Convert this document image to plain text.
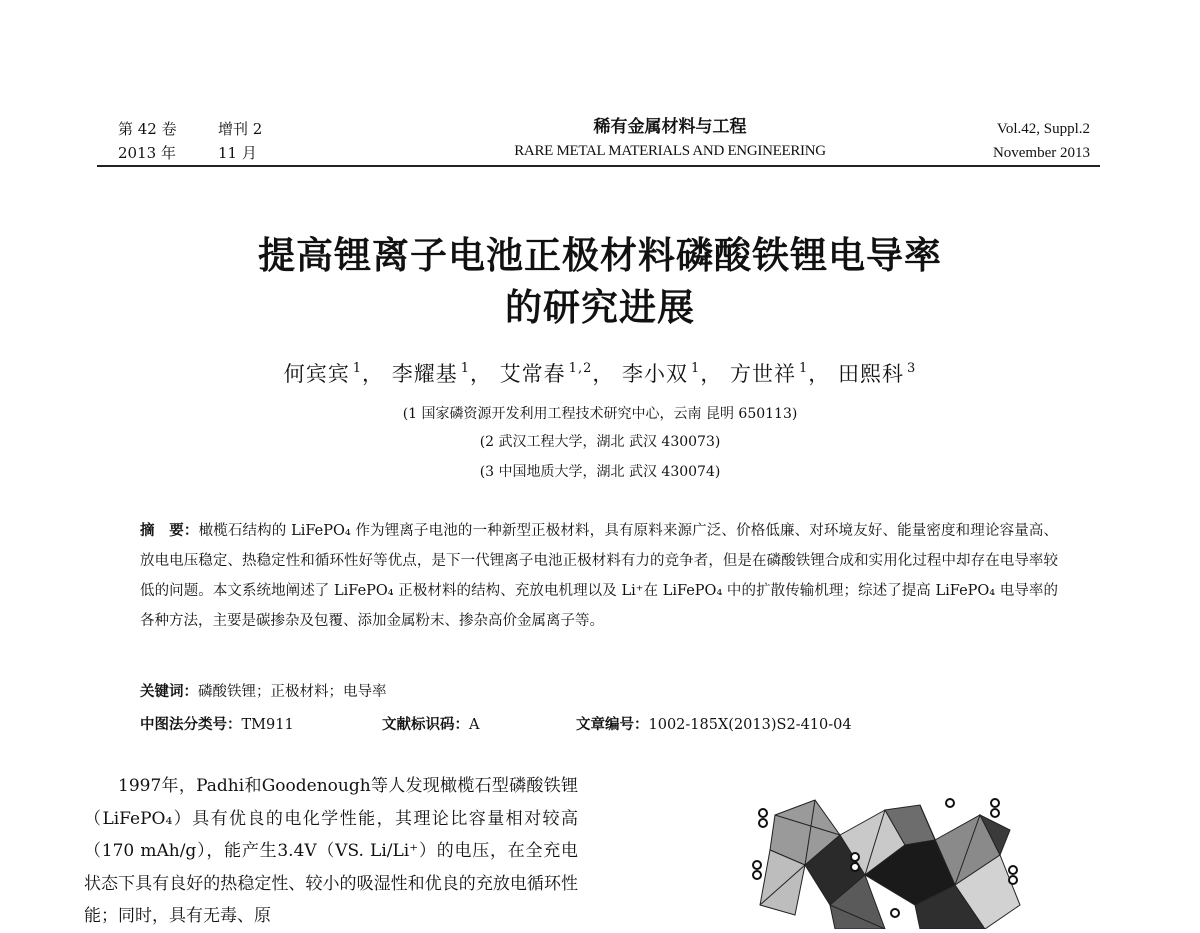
第 42 卷	增刊 2
2013 年	11 月
稀有金属材料与工程
RARE METAL MATERIALS AND ENGINEERING
Vol.42, Suppl.2
November 2013
提高锂离子电池正极材料磷酸铁锂电导率
的研究进展
何宾宾 $^1$， 李耀基 $^1$， 艾常春 $^{1,2}$， 李小双 $^1$， 方世祥 $^1$， 田熙科 $^3$
(1 国家磷资源开发利用工程技术研究中心，云南 昆明 650113)
(2 武汉工程大学，湖北 武汉 430073)
(3 中国地质大学，湖北 武汉 430074)
摘　要：橄榄石结构的 LiFePO₄ 作为锂离子电池的一种新型正极材料，具有原料来源广泛、价格低廉、对环境友好、能量密度和理论容量高、放电电压稳定、热稳定性和循环性好等优点，是下一代锂离子电池正极材料有力的竞争者，但是在磷酸铁锂合成和实用化过程中却存在电导率较低的问题。本文系统地阐述了 LiFePO₄ 正极材料的结构、充放电机理以及 Li⁺在 LiFePO₄ 中的扩散传输机理；综述了提高 LiFePO₄ 电导率的各种方法，主要是碳掺杂及包覆、添加金属粉末、掺杂高价金属离子等。
关键词：磷酸铁锂；正极材料；电导率
中图法分类号：TM911	文献标识码：A	文章编号：1002-185X(2013)S2-410-04

1997年，Padhi和Goodenough等人发现橄榄石型磷酸铁锂（LiFePO₄）具有优良的电化学性能，其理论比容量相对较高（170 mAh/g），能产生3.4V（VS. Li/Li⁺）的电压，在全充电状态下具有良好的热稳定性、较小的吸湿性和优良的充放电循环性能；同时，具有无毒、原
